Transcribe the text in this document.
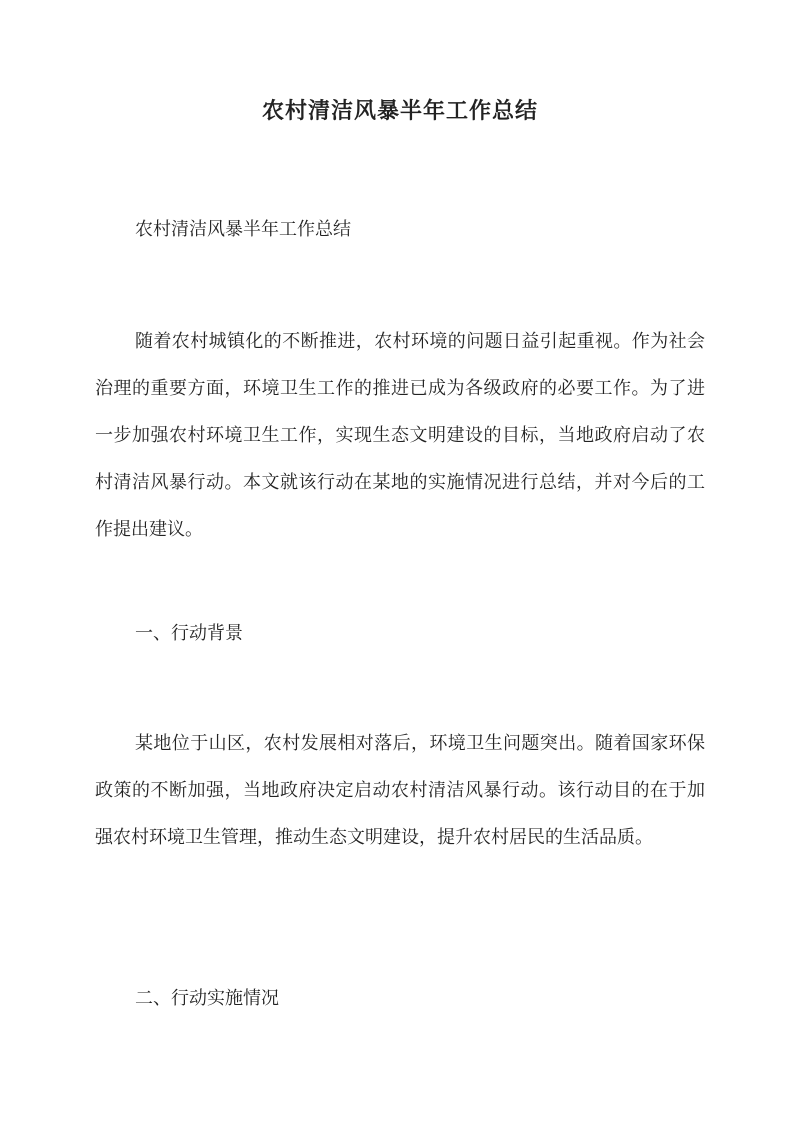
农村清洁风暴半年工作总结

农村清洁风暴半年工作总结

随着农村城镇化的不断推进，农村环境的问题日益引起重视。作为社会治理的重要方面，环境卫生工作的推进已成为各级政府的必要工作。为了进一步加强农村环境卫生工作，实现生态文明建设的目标，当地政府启动了农村清洁风暴行动。本文就该行动在某地的实施情况进行总结，并对今后的工作提出建议。

一、行动背景

某地位于山区，农村发展相对落后，环境卫生问题突出。随着国家环保政策的不断加强，当地政府决定启动农村清洁风暴行动。该行动目的在于加强农村环境卫生管理，推动生态文明建设，提升农村居民的生活品质。

二、行动实施情况
